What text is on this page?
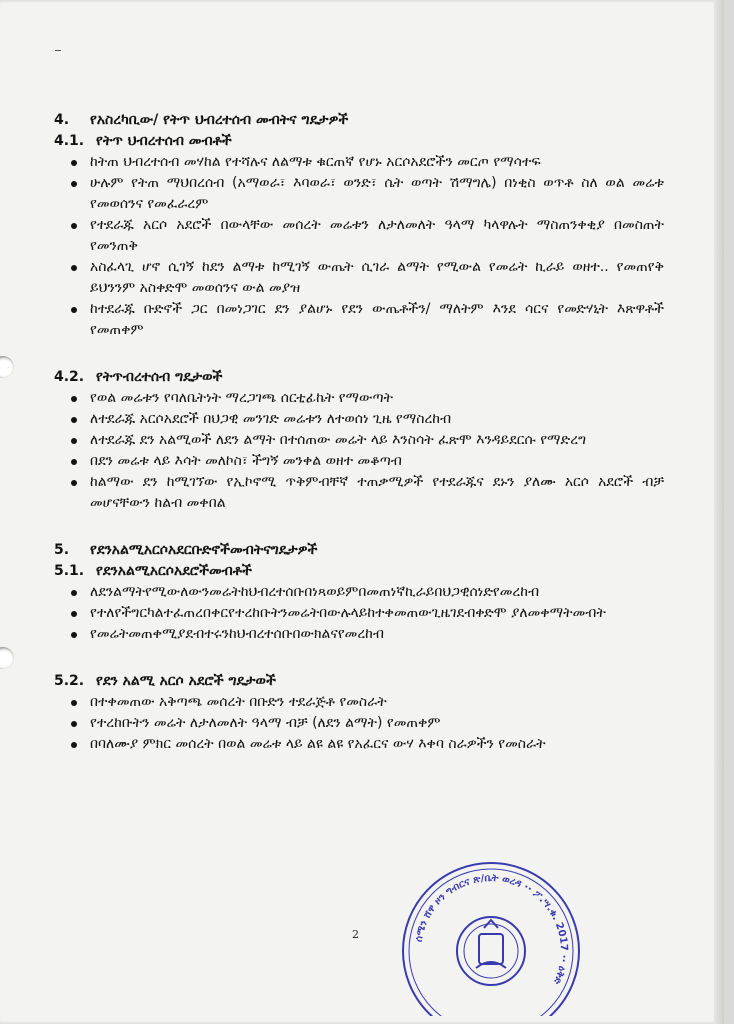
4.	የአስረካቢው/ የትጥ ህብረተሰብ መብትና ግዴታዎች
4.1. የትጥ ህብረተሰብ መብቶች
ከትጠ ህብረተሰብ መሃከል የተሻሉና ለልማቱ ቁርጠኛ የሆኑ አርሶአደሮችን መርጦ የማሳተፍ
ሁሉም የትጠ ማህበረሰብ (አማወራ፣ እባወራ፣ ወንድ፣ ሴት ወጣት ሽማግሌ) በነቂስ ወጥቶ ስለ ወል መሬቱ የመወሰንና የመፈራረም
የተደራጁ አርሶ አደሮች በውላቸው መሰረት መሬቱን ለታለመለት ዓላማ ካላዋሉት ማስጠንቀቂያ በመስጠት የመንጠቅ
አስፈላጊ ሆኖ ሲገኝ ከደን ልማቱ ከሚገኝ ውጤት ሲገራ ልማት የሚውል የመሬት ኪራይ ወዘተ.. የመጠየቅ ይህንንም አስቀድሞ መወሰንና ውል መያዝ
ከተደራጁ ቡድኖች ጋር በመነጋገር ደን ያልሆኑ የደን ውጤቶችን/ ማለትም እንደ ሳርና የመድሃኒት እጽዋቶች የመጠቀም
4.2. የትጥብረተሰብ ግዴታወች
የወል መሬቱን የባለቤትነት ማረጋገጫ ሰርቲፊኬት የማውጣት
ለተደራጁ አርሶአደሮች በህጋዊ መንገድ መሬቱን ለተወሰነ ጊዜ የማስረከብ
ለተደራጁ ደን አልሚወች ለደን ልማት በተሰጠው መሬት ላይ እንስሳት ፈጽሞ እንዳይደርሱ የማድረግ
በደን መሬቱ ላይ እሳት መለኮስ፣ ችግኝ መንቀል ወዘተ መቆጣብ
ከልማው ደን ከሚገኘው የኢኮኖሚ ጥቅምብቸኛ ተጠቃሚዎች የተደራጁና ደኑን ያለሙ አርሶ አደሮች ብቻ መሆናቸውን ከልብ መቀበል
5.	የደንአልሚአርሶአደርቡድኖችመብትናግዴታዎች
5.1. የደንአልሚአርሶአደሮችመብቶች
ለደንልማትየሚውለውንመሬትከህብረተሰቡበነጻወይምበመጠነኛኪራይበህጋዊሰነድየመረከብ
የተለየችግርካልተፈጠረበቀርየተረከቡትንመሬትበውሉላይከተቀመጠውጊዜገደብቀድሞ ያለመቀማትመብት
የመሬትመጠቀሚያደብተሩንከህብረተሰቡበውክልናየመረከብ
5.2. የደን አልሚ አርሶ አደሮች ግዴታወች
በተቀመጠው አቅጣጫ መሰረት በቡድን ተደራጅቶ የመስራት
የተረከቡትን መሬት ለታለመለት ዓላማ ብቻ (ለደን ልማት) የመጠቀም
በባለሙያ ምክር መሰረት በወል መሬቱ ላይ ልዩ ልዩ የአፈርና ውሃ እቀባ ስራዎችን የመስራት
2	ሰሜን ሸዋ ዞን ግብርና ጽ/ቤት ወረዳ ·· ፖ.ሣ.ቁ. 2017 ·· ዕቅድ
